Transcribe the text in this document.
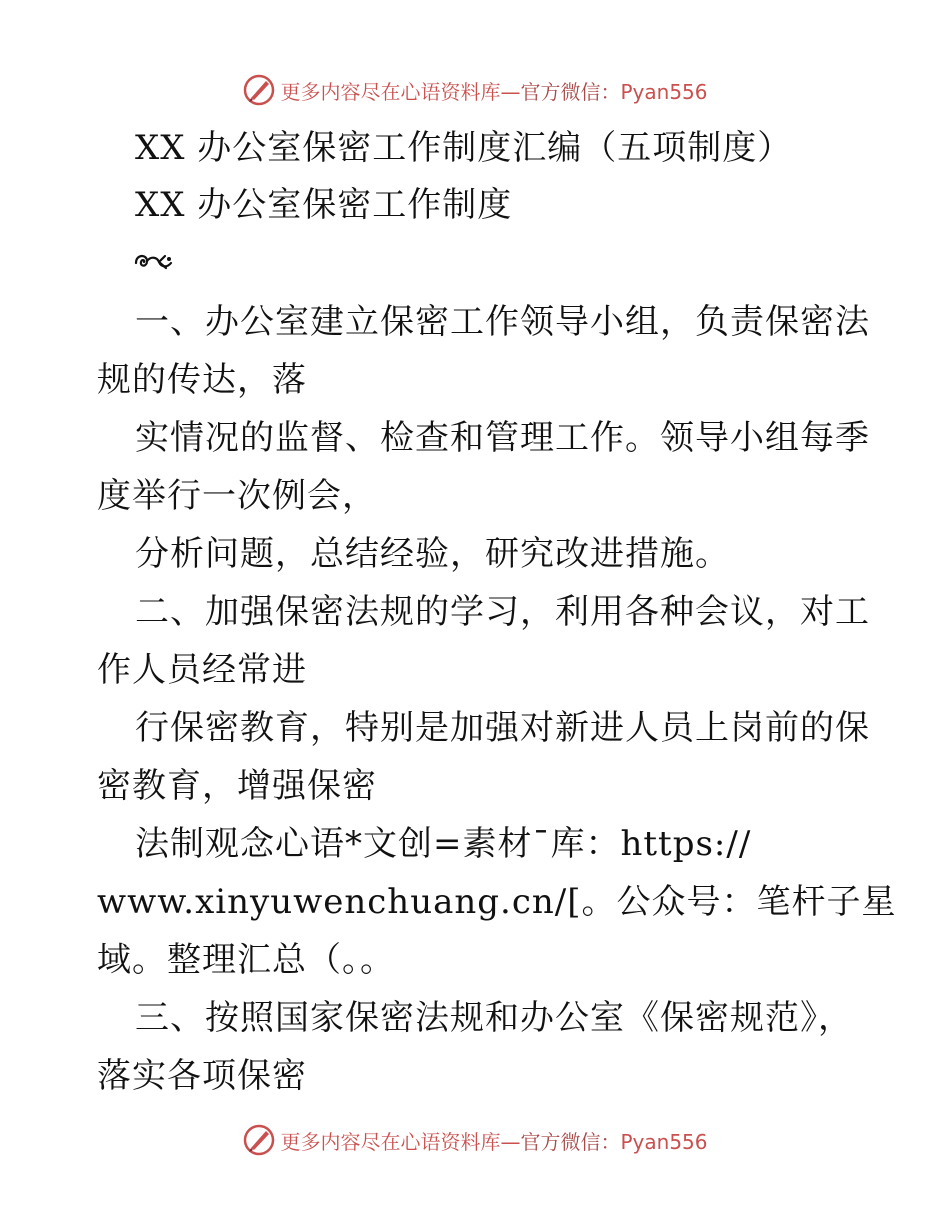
更多内容尽在心语资料库—官方微信：Pyan556
XX 办公室保密工作制度汇编（五项制度）
XX 办公室保密工作制度
一、办公室建立保密工作领导小组，负责保密法
规的传达，落
实情况的监督、检查和管理工作。领导小组每季
度举行一次例会，
分析问题，总结经验，研究改进措施。
二、加强保密法规的学习，利用各种会议，对工
作人员经常进
行保密教育，特别是加强对新进人员上岗前的保
密教育，增强保密
法制观念心语*文创=素材¯库：https://
www.xinyuwenchuang.cn/[。公众号：笔杆子星
域。整理汇总（。。
三、按照国家保密法规和办公室《保密规范》，
落实各项保密
更多内容尽在心语资料库—官方微信：Pyan556
